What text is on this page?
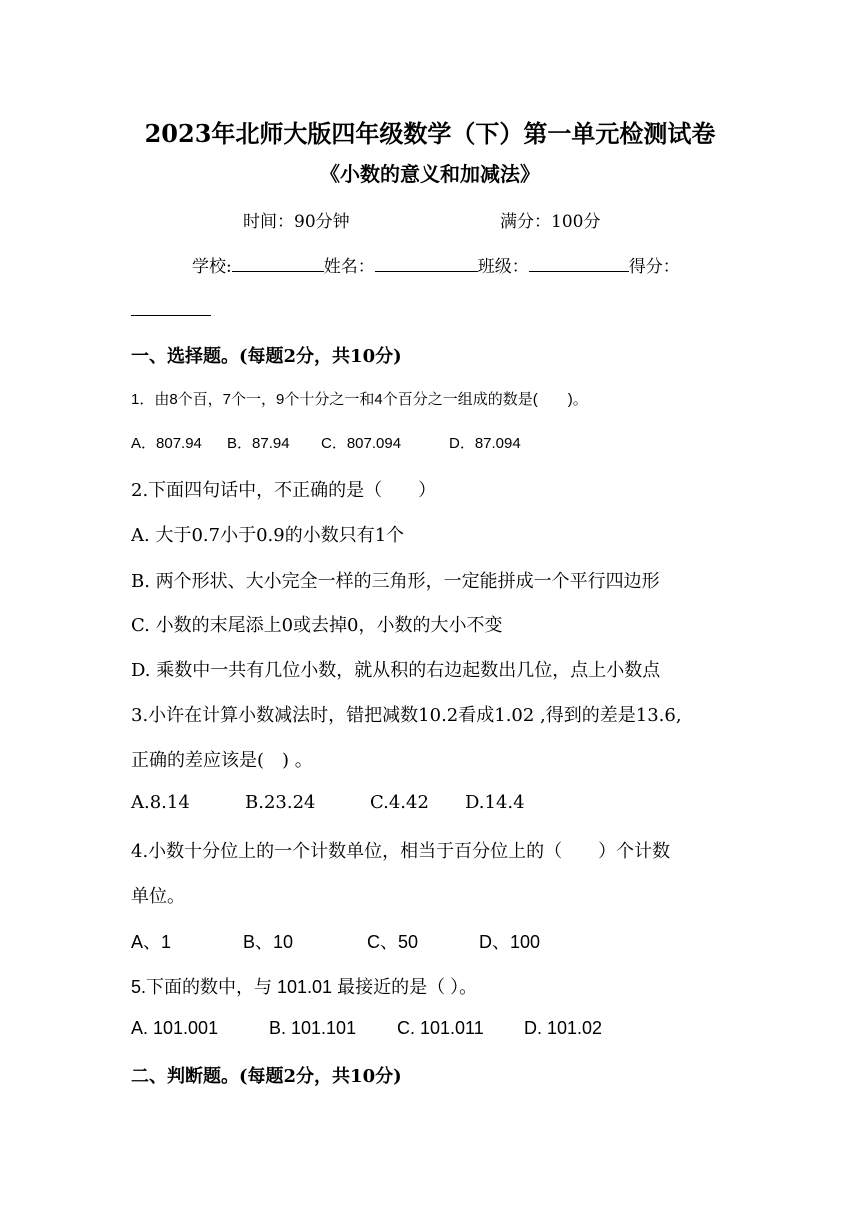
2023年北师大版四年级数学（下）第一单元检测试卷
《小数的意义和加减法》
时间：90分钟	满分：100分
学校:	姓名：	班级：	得分：
一、选择题。(每题2分，共10分)
1．由8个百，7个一，9个十分之一和4个百分之一组成的数是(　　)。
A．807.94 B．87.94 C．807.094	D．87.094
2.下面四句话中，不正确的是（　　）
A. 大于0.7小于0.9的小数只有1个
B. 两个形状、大小完全一样的三角形，一定能拼成一个平行四边形
C. 小数的末尾添上0或去掉0，小数的大小不变
D. 乘数中一共有几位小数，就从积的右边起数出几位，点上小数点
3.小许在计算小数减法时，错把减数10.2看成1.02 ,得到的差是13.6,
正确的差应该是(　) 。
A.8.14	B.23.24	C.4.42 D.14.4
4.小数十分位上的一个计数单位，相当于百分位上的（　　）个计数
单位。
A、1	B、10	C、50	D、100
5.下面的数中，与 101.01 最接近的是（ ）。
A. 101.001	B. 101.101 C. 101.011 D. 101.02
二、判断题。(每题2分，共10分)
